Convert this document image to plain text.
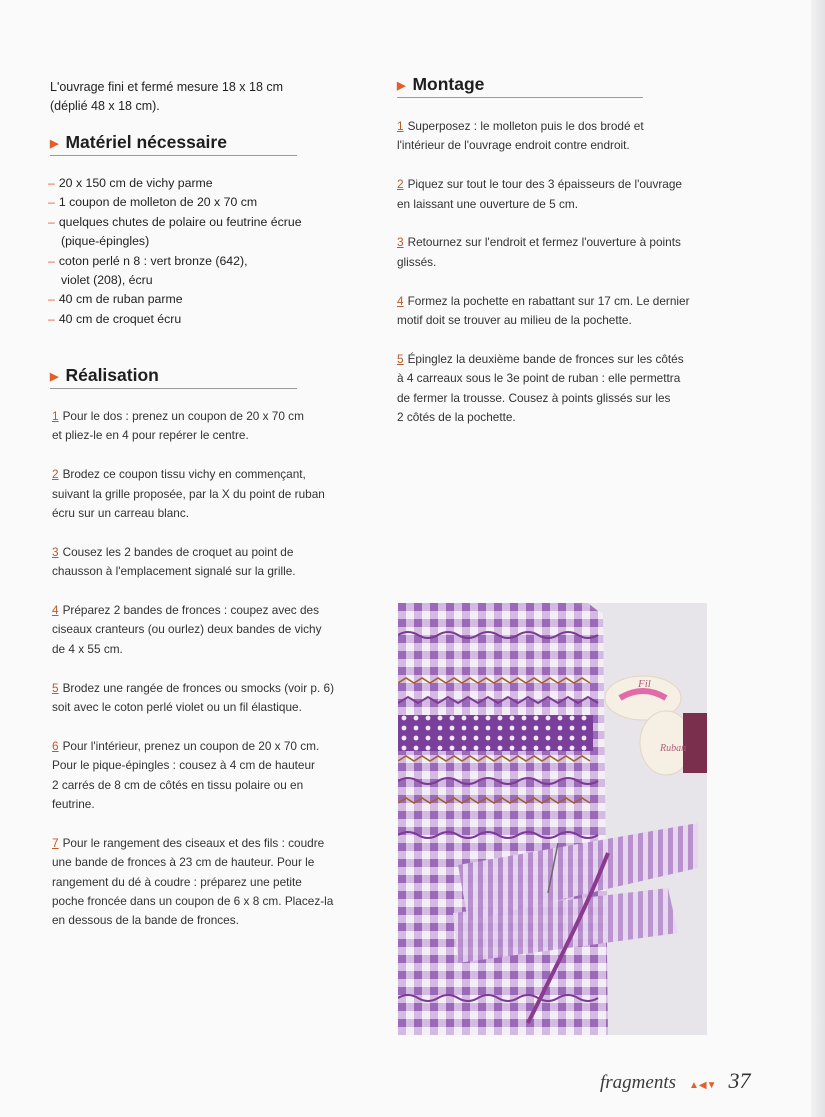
L'ouvrage fini et fermé mesure 18 x 18 cm
(déplié 48 x 18 cm).
▶ Matériel nécessaire
– 20 x 150 cm de vichy parme
– 1 coupon de molleton de 20 x 70 cm
– quelques chutes de polaire ou feutrine écrue
(pique-épingles)
– coton perlé n 8 : vert bronze (642),
violet (208), écru
– 40 cm de ruban parme
– 40 cm de croquet écru
▶ Réalisation
1 Pour le dos : prenez un coupon de 20 x 70 cm
et pliez-le en 4 pour repérer le centre.
2 Brodez ce coupon tissu vichy en commençant,
suivant la grille proposée, par la X du point de ruban
écru sur un carreau blanc.
3 Cousez les 2 bandes de croquet au point de
chausson à l'emplacement signalé sur la grille.
4 Préparez 2 bandes de fronces : coupez avec des
ciseaux cranteurs (ou ourlez) deux bandes de vichy
de 4 x 55 cm.
5 Brodez une rangée de fronces ou smocks (voir p. 6)
soit avec le coton perlé violet ou un fil élastique.
6 Pour l'intérieur, prenez un coupon de 20 x 70 cm.
Pour le pique-épingles : cousez à 4 cm de hauteur
2 carrés de 8 cm de côtés en tissu polaire ou en
feutrine.
7 Pour le rangement des ciseaux et des fils : coudre
une bande de fronces à 23 cm de hauteur. Pour le
rangement du dé à coudre : préparez une petite
poche froncée dans un coupon de 6 x 8 cm. Placez-la
en dessous de la bande de fronces.
▶ Montage
1 Superposez : le molleton puis le dos brodé et
l'intérieur de l'ouvrage endroit contre endroit.
2 Piquez sur tout le tour des 3 épaisseurs de l'ouvrage
en laissant une ouverture de 5 cm.
3 Retournez sur l'endroit et fermez l'ouverture à points
glissés.
4 Formez la pochette en rabattant sur 17 cm. Le dernier
motif doit se trouver au milieu de la pochette.
5 Épinglez la deuxième bande de fronces sur les côtés
à 4 carreaux sous le 3e point de ruban : elle permettra
de fermer la trousse. Cousez à points glissés sur les
2 côtés de la pochette.
Fil
Ruban
fragments ▲◀▼ 37
